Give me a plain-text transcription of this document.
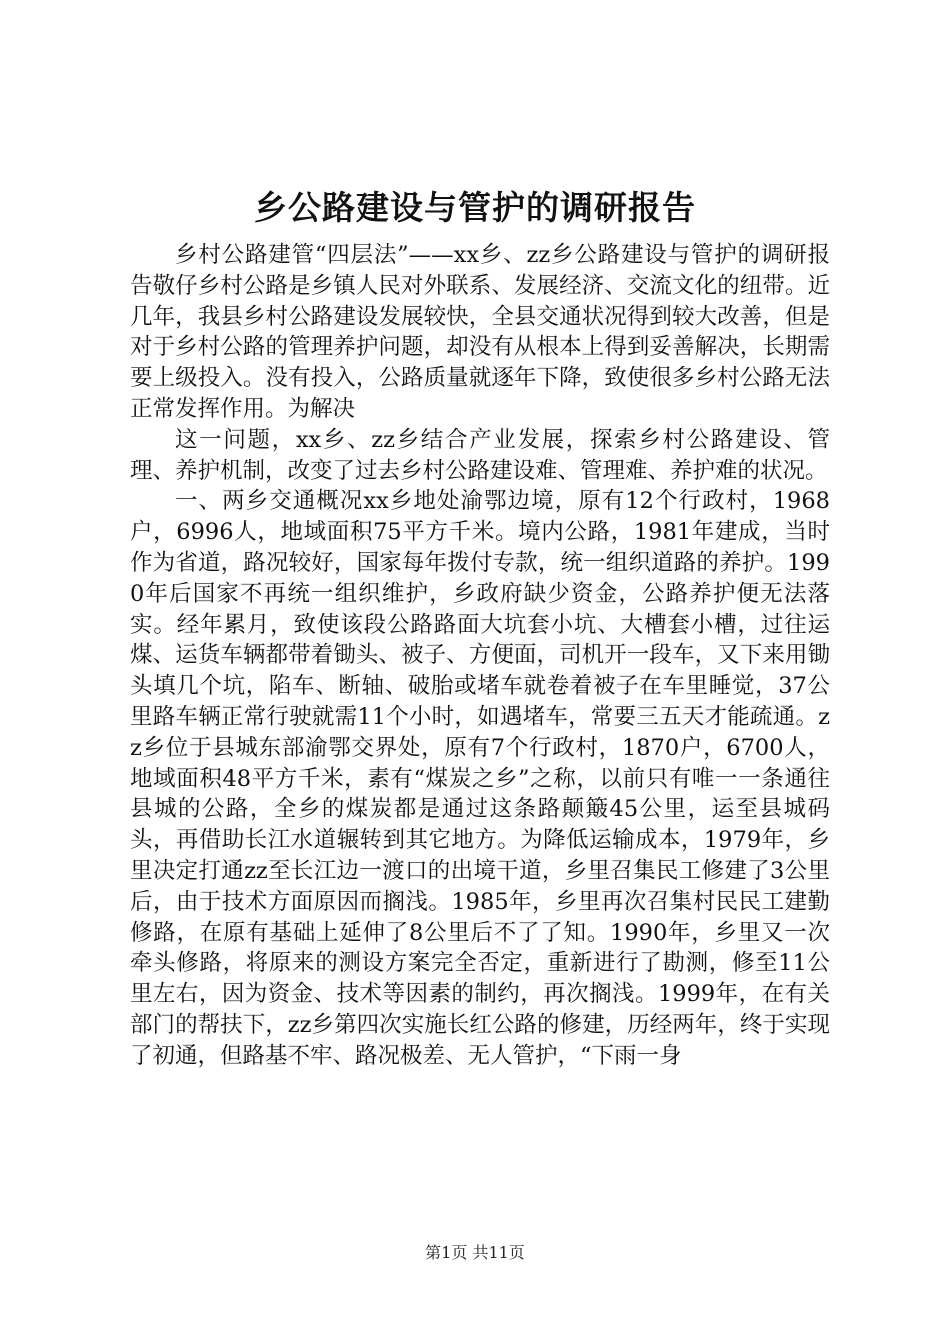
乡公路建设与管护的调研报告

乡村公路建管“四层法”——xx乡、zz乡公路建设与管护的调研报告敬仔乡村公路是乡镇人民对外联系、发展经济、交流文化的纽带。近几年，我县乡村公路建设发展较快，全县交通状况得到较大改善，但是对于乡村公路的管理养护问题，却没有从根本上得到妥善解决，长期需要上级投入。没有投入，公路质量就逐年下降，致使很多乡村公路无法正常发挥作用。为解决

这一问题，xx乡、zz乡结合产业发展，探索乡村公路建设、管理、养护机制，改变了过去乡村公路建设难、管理难、养护难的状况。

一、两乡交通概况xx乡地处渝鄂边境，原有12个行政村，1968户，6996人，地域面积75平方千米。境内公路，1981年建成，当时作为省道，路况较好，国家每年拨付专款，统一组织道路的养护。1990年后国家不再统一组织维护，乡政府缺少资金，公路养护便无法落实。经年累月，致使该段公路路面大坑套小坑、大槽套小槽，过往运煤、运货车辆都带着锄头、被子、方便面，司机开一段车，又下来用锄头填几个坑，陷车、断轴、破胎或堵车就卷着被子在车里睡觉，37公里路车辆正常行驶就需11个小时，如遇堵车，常要三五天才能疏通。zz乡位于县城东部渝鄂交界处，原有7个行政村，1870户，6700人，地域面积48平方千米，素有“煤炭之乡”之称，以前只有唯一一条通往县城的公路，全乡的煤炭都是通过这条路颠簸45公里，运至县城码头，再借助长江水道辗转到其它地方。为降低运输成本，1979年，乡里决定打通zz至长江边一渡口的出境干道，乡里召集民工修建了3公里后，由于技术方面原因而搁浅。1985年，乡里再次召集村民民工建勤修路，在原有基础上延伸了8公里后不了了知。1990年，乡里又一次牵头修路，将原来的测设方案完全否定，重新进行了勘测，修至11公里左右，因为资金、技术等因素的制约，再次搁浅。1999年，在有关部门的帮扶下，zz乡第四次实施长红公路的修建，历经两年，终于实现了初通，但路基不牢、路况极差、无人管护，“下雨一身

第1页 共11页
